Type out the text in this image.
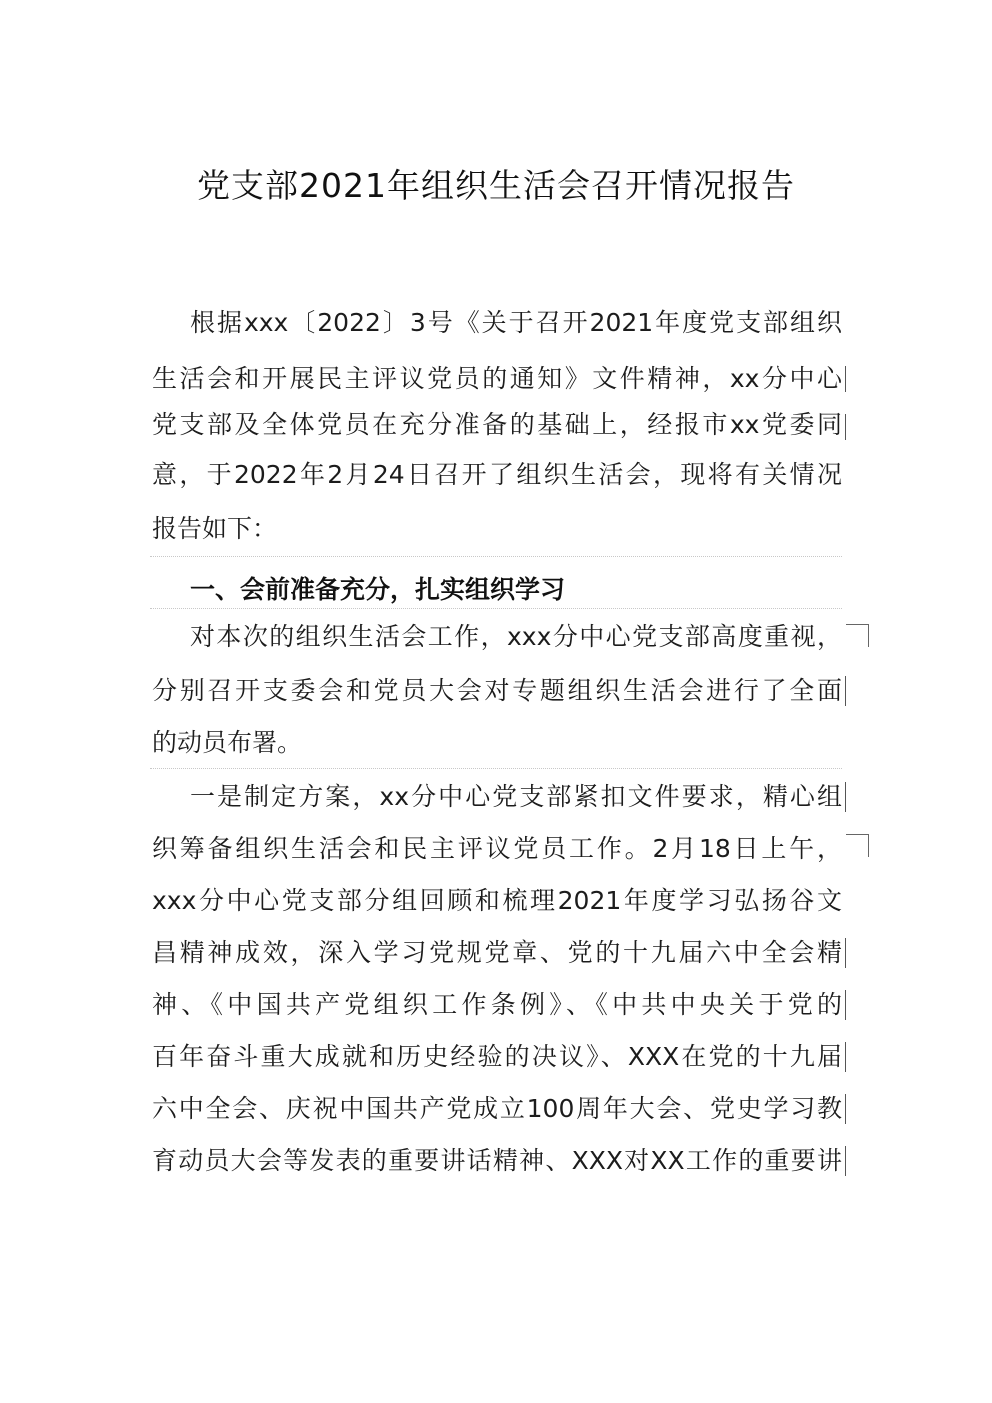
党支部2021年组织生活会召开情况报告
根据xxx〔2022〕3号《关于召开2021年度党支部组织
生活会和开展民主评议党员的通知》文件精神，xx分中心
党支部及全体党员在充分准备的基础上，经报市xx党委同
意，于2022年2月24日召开了组织生活会，现将有关情况
报告如下：
一、会前准备充分，扎实组织学习
对本次的组织生活会工作，xxx分中心党支部高度重视，
分别召开支委会和党员大会对专题组织生活会进行了全面
的动员布署。
一是制定方案，xx分中心党支部紧扣文件要求，精心组
织筹备组织生活会和民主评议党员工作。2月18日上午，
xxx分中心党支部分组回顾和梳理2021年度学习弘扬谷文
昌精神成效，深入学习党规党章、党的十九届六中全会精
神、《中国共产党组织工作条例》、《中共中央关于党的
百年奋斗重大成就和历史经验的决议》、XXX在党的十九届
六中全会、庆祝中国共产党成立100周年大会、党史学习教
育动员大会等发表的重要讲话精神、XXX对XX工作的重要讲
